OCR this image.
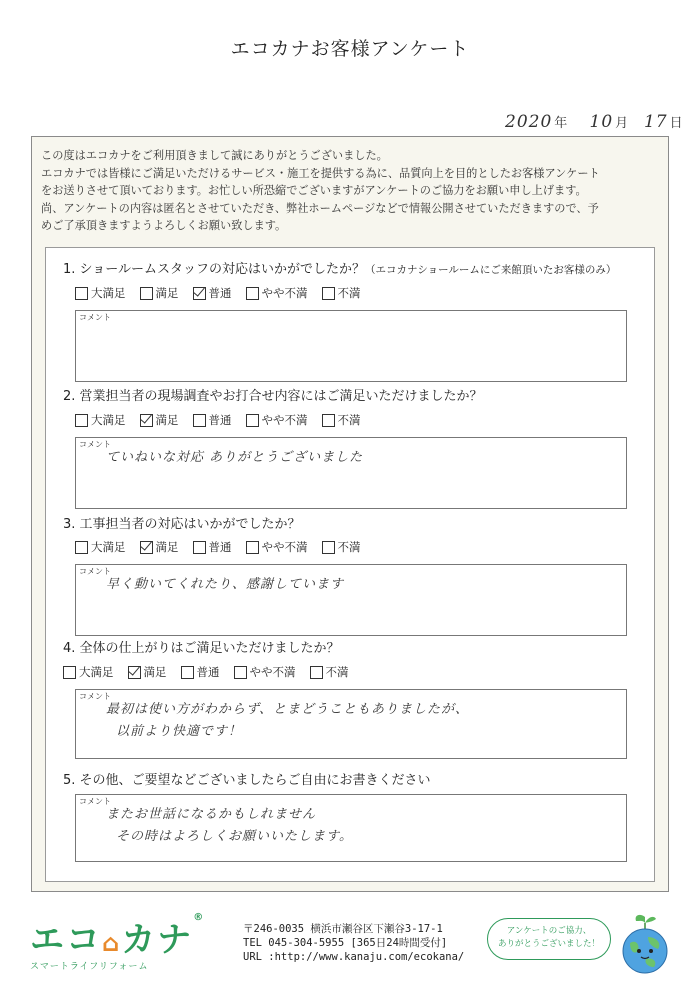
エコカナお客様アンケート
2020 年 10 月 17 日

この度はエコカナをご利用頂きまして誠にありがとうございました。

エコカナでは皆様にご満足いただけるサービス・施工を提供する為に、品質向上を目的としたお客様アンケート

をお送りさせて頂いております。お忙しい所恐縮でございますがアンケートのご協力をお願い申し上げます。

尚、アンケートの内容は匿名とさせていただき、弊社ホームページなどで情報公開させていただきますので、予

めご了承頂きますようよろしくお願い致します。

1. ショールームスタッフの対応はいかがでしたか？（エコカナショールームにご来館頂いたお客様のみ）
大満足	満足	普通	やや不満	不満
コメント
2. 営業担当者の現場調査やお打合せ内容にはご満足いただけましたか？
大満足	満足	普通	やや不満	不満
コメント
ていねいな対応 ありがとうございました
3. 工事担当者の対応はいかがでしたか？
大満足	満足	普通	やや不満	不満
コメント
早く動いてくれたり、感謝しています
4. 全体の仕上がりはご満足いただけましたか？
大満足	満足	普通	やや不満	不満
コメント
最初は使い方がわからず、とまどうこともありましたが、
以前より快適です！
5. その他、ご要望などございましたらご自由にお書きください
コメント
またお世話になるかもしれません
その時はよろしくお願いいたします。
エコ⌂カナ®
スマートライフリフォーム
〒246-0035 横浜市瀬谷区下瀬谷3-17-1
TEL 045-304-5955 [365日24時間受付]
URL :http://www.kanaju.com/ecokana/
アンケートのご協力、
ありがとうございました！
